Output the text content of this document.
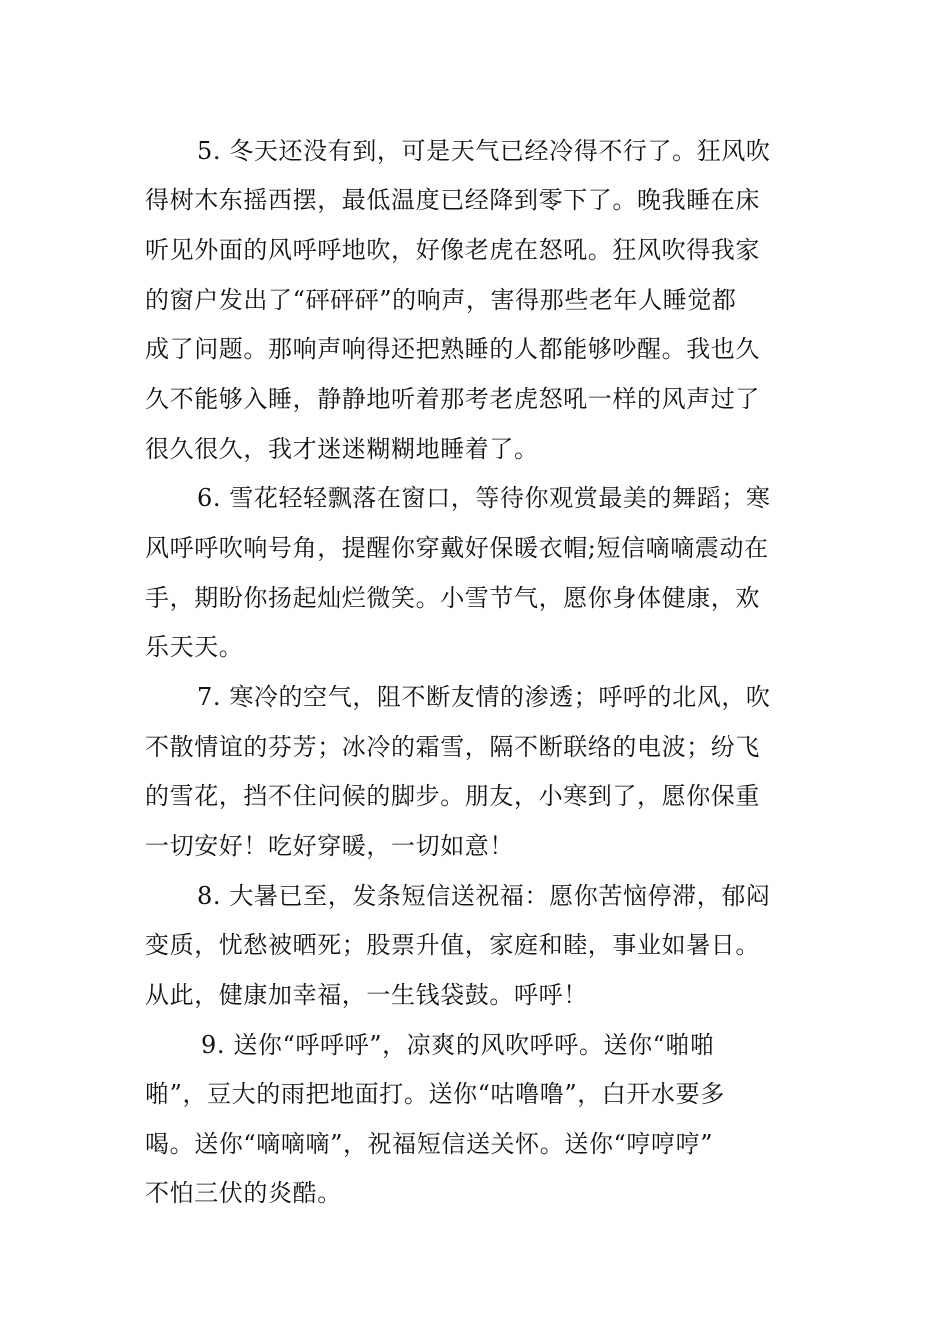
5. 冬天还没有到，可是天气已经冷得不行了。狂风吹
得树木东摇西摆，最低温度已经降到零下了。晚我睡在床
听见外面的风呼呼地吹，好像老虎在怒吼。狂风吹得我家
的窗户发出了“砰砰砰”的响声，害得那些老年人睡觉都
成了问题。那响声响得还把熟睡的人都能够吵醒。我也久
久不能够入睡，静静地听着那考老虎怒吼一样的风声过了
很久很久，我才迷迷糊糊地睡着了。
6. 雪花轻轻飘落在窗口，等待你观赏最美的舞蹈；寒
风呼呼吹响号角，提醒你穿戴好保暖衣帽;短信嘀嘀震动在
手，期盼你扬起灿烂微笑。小雪节气，愿你身体健康，欢
乐天天。
7. 寒冷的空气，阻不断友情的渗透；呼呼的北风，吹
不散情谊的芬芳；冰冷的霜雪，隔不断联络的电波；纷飞
的雪花，挡不住问候的脚步。朋友，小寒到了，愿你保重
一切安好！吃好穿暖，一切如意！
8. 大暑已至，发条短信送祝福：愿你苦恼停滞，郁闷
变质，忧愁被晒死；股票升值，家庭和睦，事业如暑日。
从此，健康加幸福，一生钱袋鼓。呼呼！
9. 送你“呼呼呼”，凉爽的风吹呼呼。送你“啪啪
啪”，豆大的雨把地面打。送你“咕噜噜”，白开水要多
喝。送你“嘀嘀嘀”，祝福短信送关怀。送你“哼哼哼”
不怕三伏的炎酷。
